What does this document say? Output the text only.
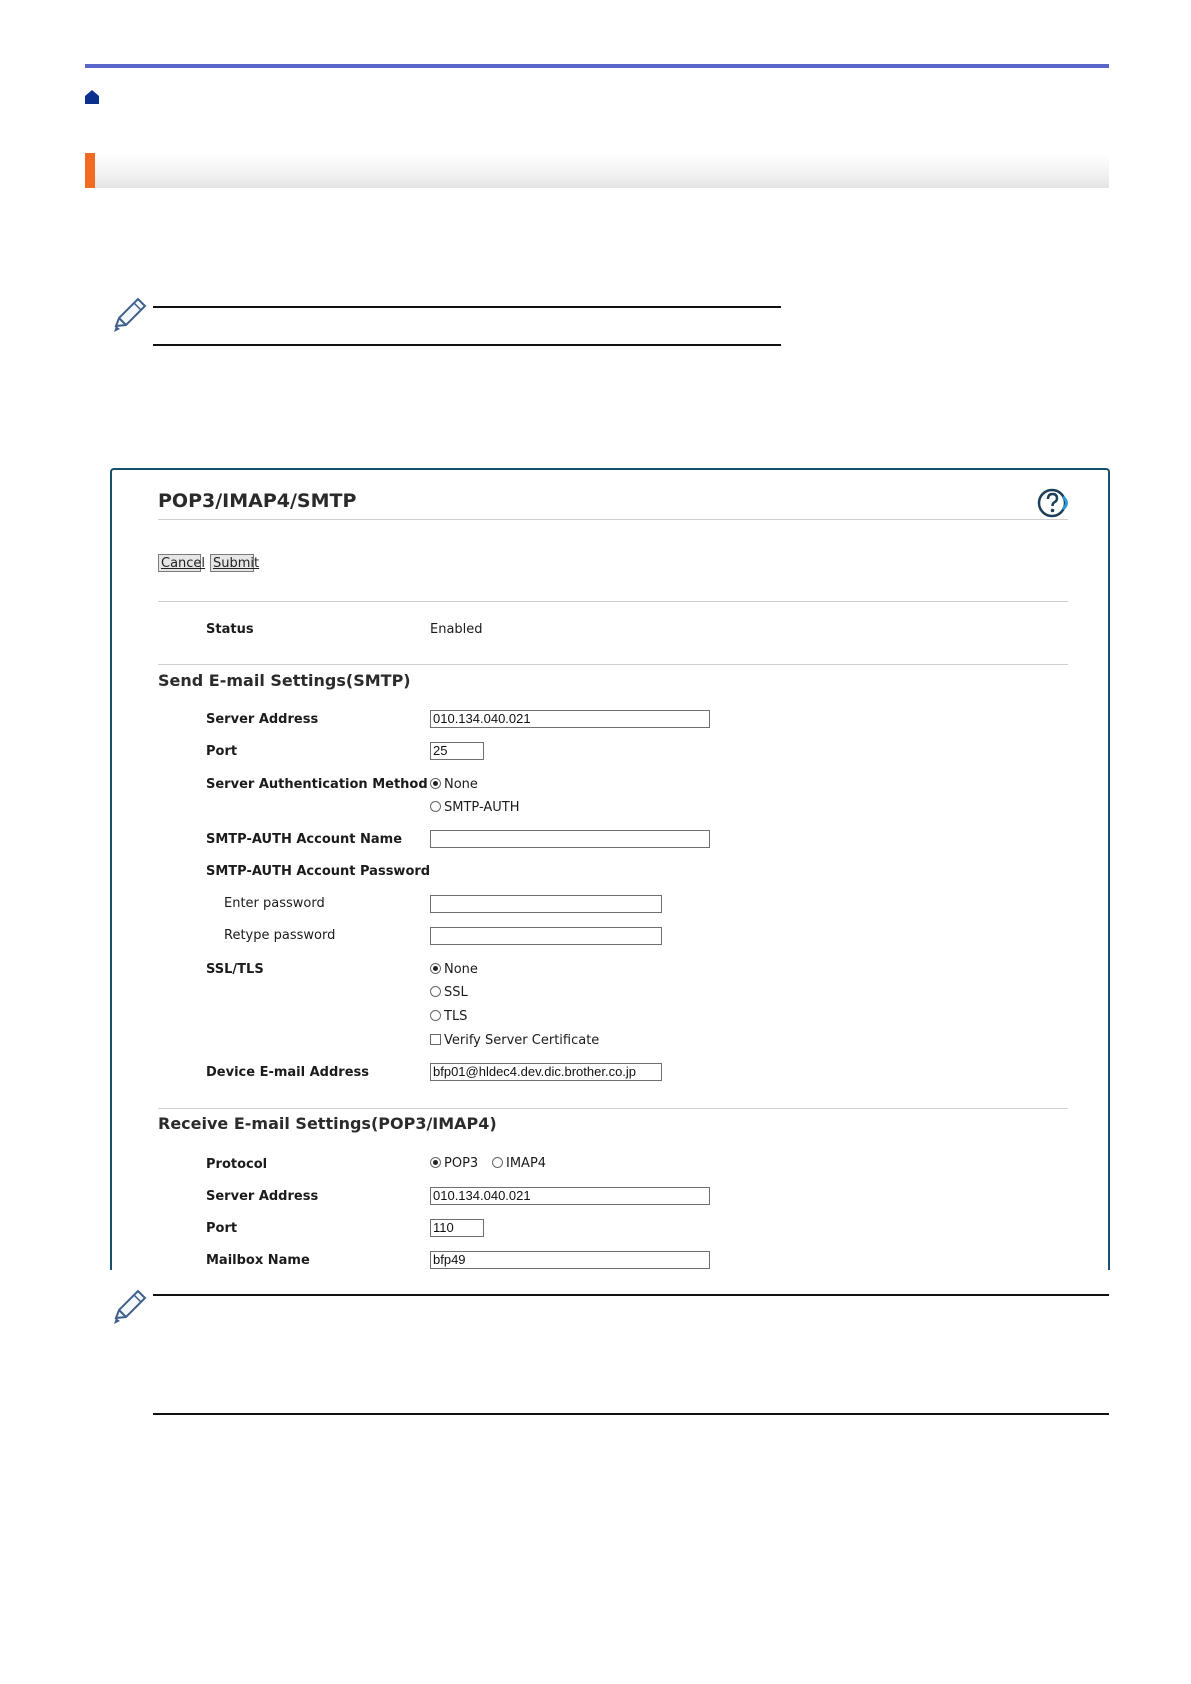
POP3/IMAP4/SMTP
Cancel Submit
Status	Enabled
Send E-mail Settings(SMTP)
Server Address	010.134.040.021
Port	25
Server Authentication Method	None
SMTP-AUTH
SMTP-AUTH Account Name
SMTP-AUTH Account Password
Enter password
Retype password
SSL/TLS	None
SSL
TLS
Verify Server Certificate
Device E-mail Address	bfp01@hldec4.dev.dic.brother.co.jp
Receive E-mail Settings(POP3/IMAP4)
Protocol	POP3	IMAP4
Server Address	010.134.040.021
Port	110
Mailbox Name	bfp49
